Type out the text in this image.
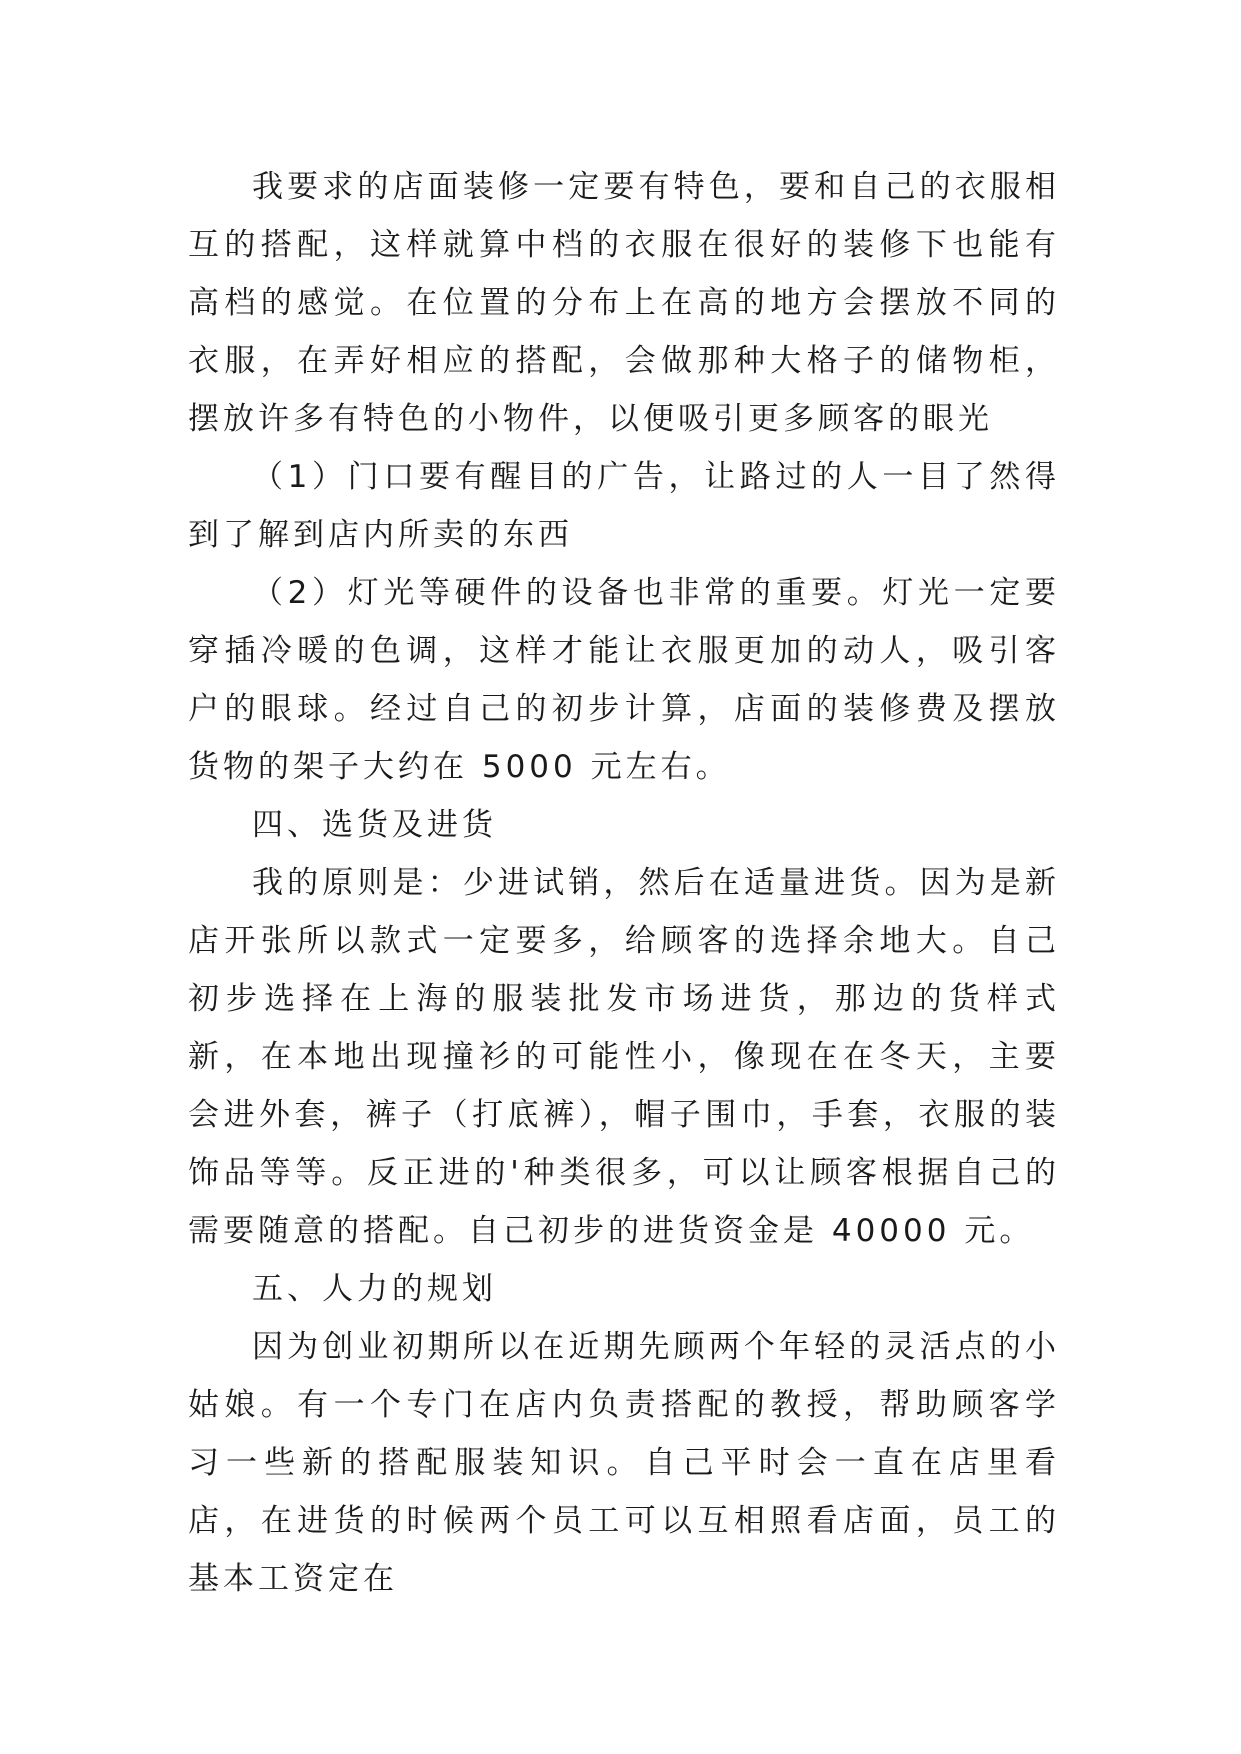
我要求的店面装修一定要有特色，要和自己的衣服相互的搭配，这样就算中档的衣服在很好的装修下也能有高档的感觉。在位置的分布上在高的地方会摆放不同的衣服，在弄好相应的搭配，会做那种大格子的储物柜，摆放许多有特色的小物件，以便吸引更多顾客的眼光

（1）门口要有醒目的广告，让路过的人一目了然得到了解到店内所卖的东西

（2）灯光等硬件的设备也非常的重要。灯光一定要穿插冷暖的色调，这样才能让衣服更加的动人，吸引客户的眼球。经过自己的初步计算，店面的装修费及摆放货物的架子大约在 5000 元左右。

四、选货及进货

我的原则是：少进试销，然后在适量进货。因为是新店开张所以款式一定要多，给顾客的选择余地大。自己初步选择在上海的服装批发市场进货，那边的货样式新，在本地出现撞衫的可能性小，像现在在冬天，主要会进外套，裤子（打底裤），帽子围巾，手套，衣服的装饰品等等。反正进的'种类很多，可以让顾客根据自己的需要随意的搭配。自己初步的进货资金是 40000 元。

五、人力的规划

因为创业初期所以在近期先顾两个年轻的灵活点的小姑娘。有一个专门在店内负责搭配的教授，帮助顾客学习一些新的搭配服装知识。自己平时会一直在店里看店，在进货的时候两个员工可以互相照看店面，员工的基本工资定在
